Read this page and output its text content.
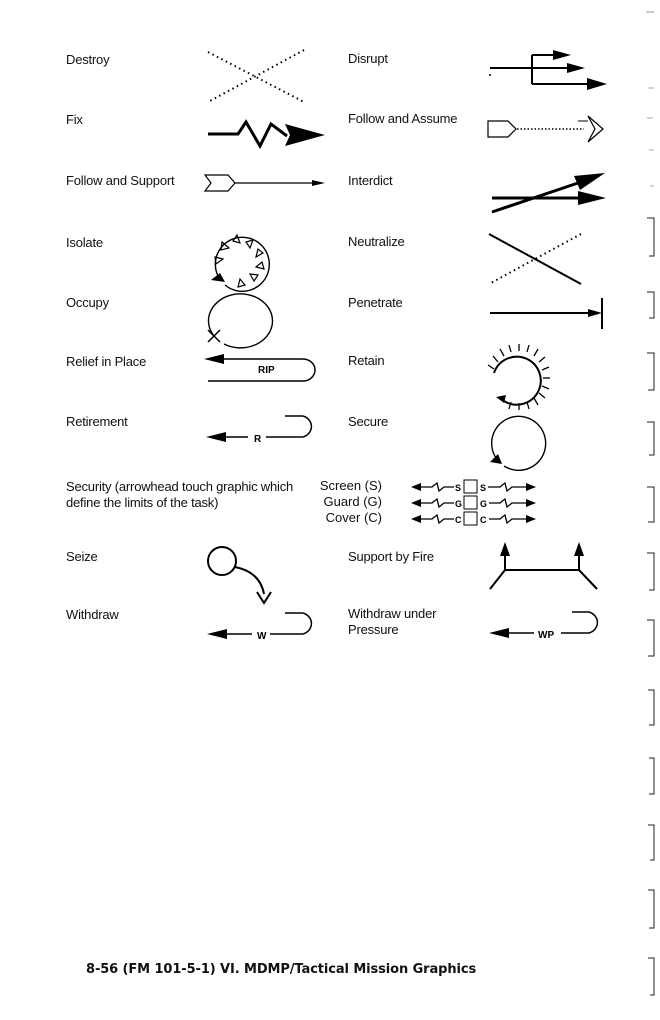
Destroy
Fix
Follow and Support
Isolate
Occupy
Relief in Place
Retirement
Security (arrowhead touch graphic which define the limits of the task)
Seize
Withdraw
Disrupt
Follow and Assume
Interdict
Neutralize
Penetrate
Retain
Secure
Support by Fire
Withdraw under Pressure
Screen (S)
Guard (G)
Cover (C)
RIP
R
S S
G G
C C
W	WP
8-56 (FM 101-5-1) VI. MDMP/Tactical Mission Graphics
